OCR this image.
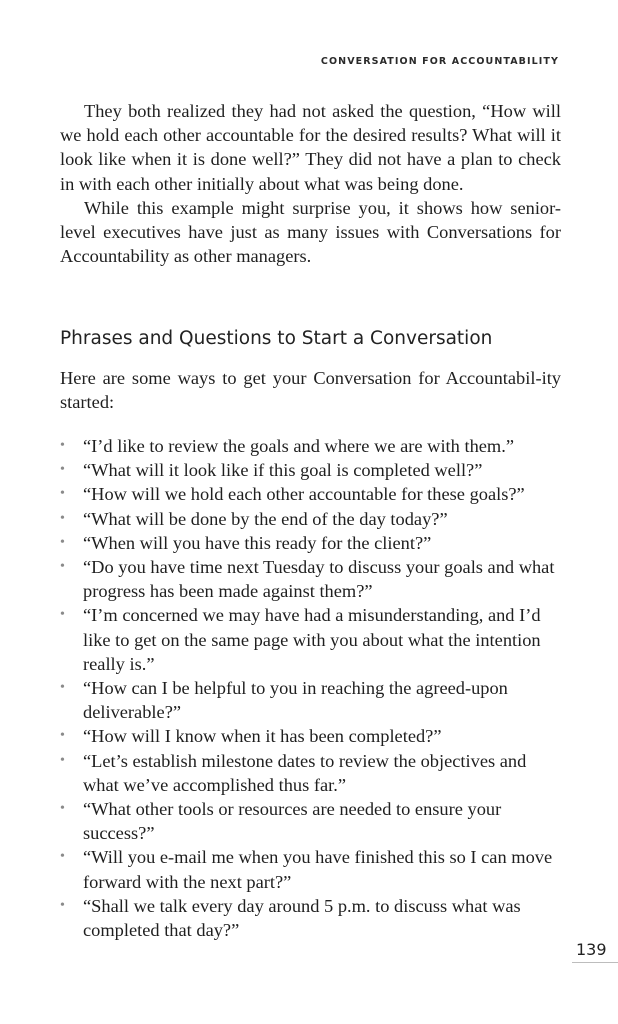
CONVERSATION FOR ACCOUNTABILITY

They both realized they had not asked the question, “How will we hold each other accountable for the desired results? What will it look like when it is done well?” They did not have a plan to check in with each other initially about what was being done.

While this example might surprise you, it shows how senior-level executives have just as many issues with Conversations for Accountability as other managers.

Phrases and Questions to Start a Conversation

Here are some ways to get your Conversation for Accountabil-ity started:

• “I’d like to review the goals and where we are with them.”
• “What will it look like if this goal is completed well?”
• “How will we hold each other accountable for these goals?”
• “What will be done by the end of the day today?”
• “When will you have this ready for the client?”
• “Do you have time next Tuesday to discuss your goals and what progress has been made against them?”
• “I’m concerned we may have had a misunderstanding, and I’d like to get on the same page with you about what the intention really is.”
• “How can I be helpful to you in reaching the agreed-upon deliverable?”
• “How will I know when it has been completed?”
• “Let’s establish milestone dates to review the objectives and what we’ve accomplished thus far.”
• “What other tools or resources are needed to ensure your success?”
• “Will you e-mail me when you have finished this so I can move forward with the next part?”
• “Shall we talk every day around 5 p.m. to discuss what was completed that day?”
139
